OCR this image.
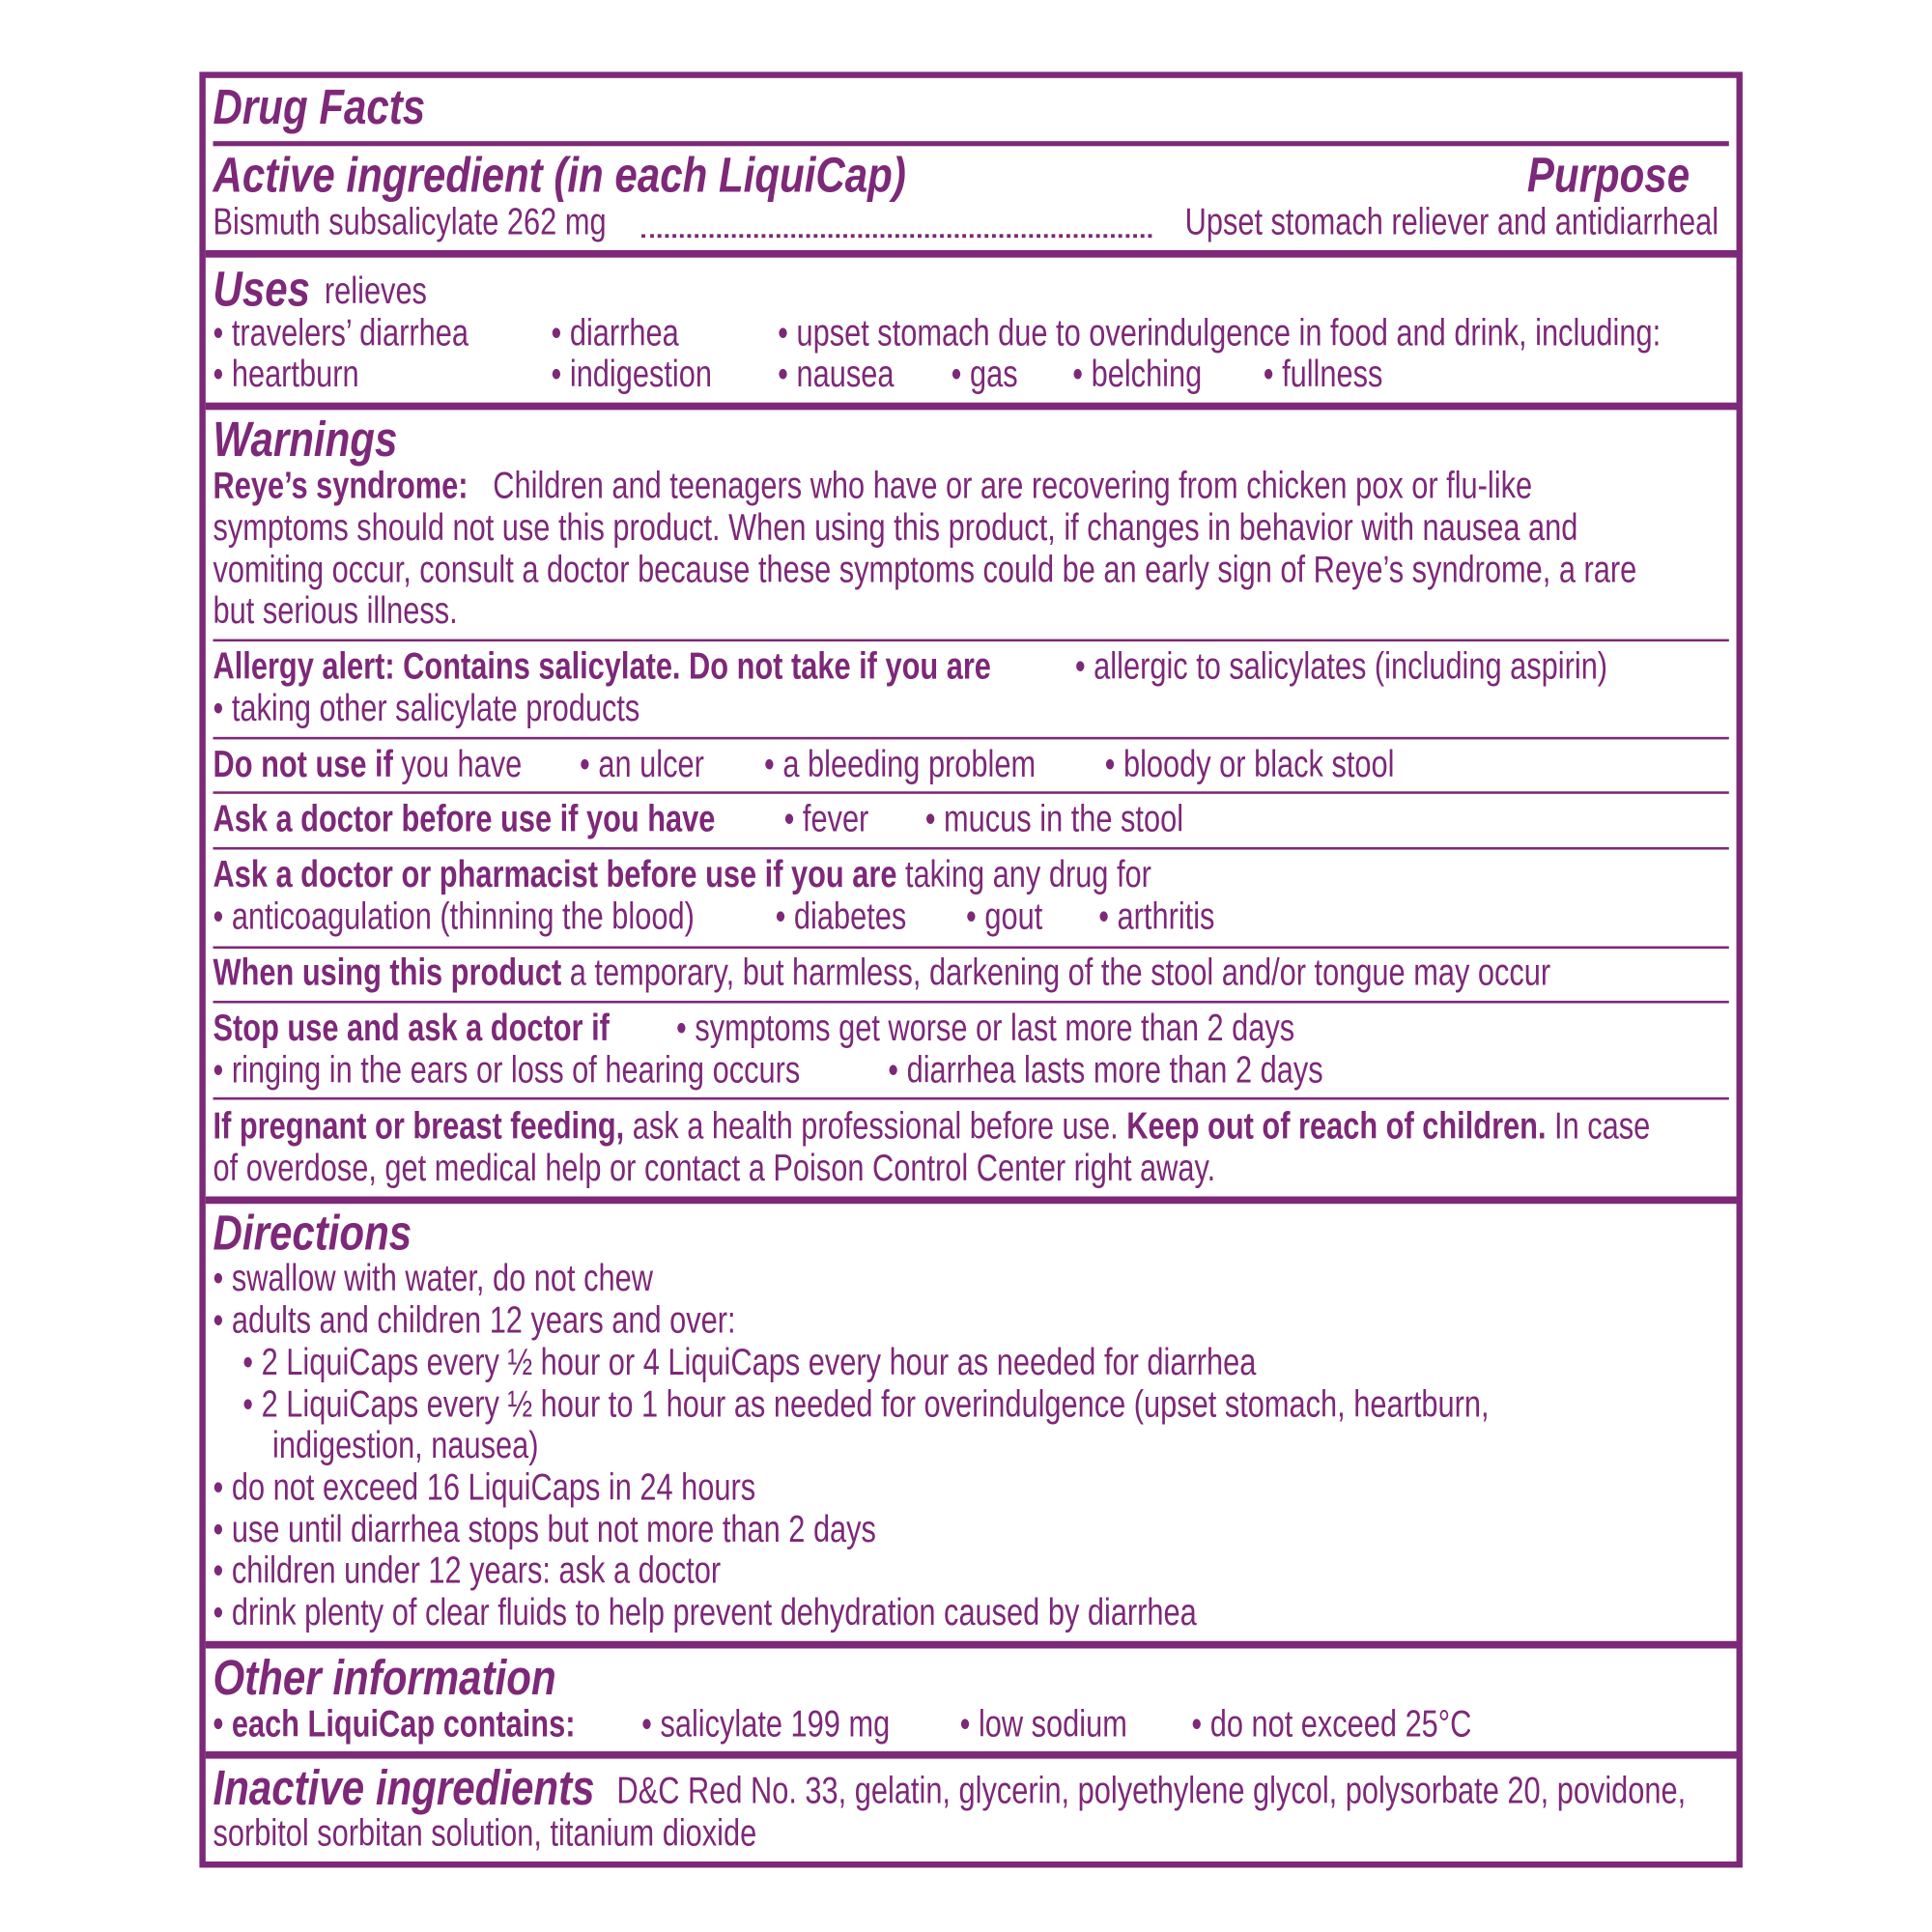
Drug Facts
Active ingredient (in each LiquiCap)	Purpose
Bismuth subsalicylate 262 mg	Upset stomach reliever and antidiarrheal
Uses relieves
• travelers’ diarrhea	• diarrhea	• upset stomach due to overindulgence in food and drink, including:
• heartburn	• indigestion • nausea • gas • belching • fullness
Warnings
Reye’s syndrome: Children and teenagers who have or are recovering from chicken pox or flu-like
symptoms should not use this product. When using this product, if changes in behavior with nausea and
vomiting occur, consult a doctor because these symptoms could be an early sign of Reye’s syndrome, a rare
but serious illness.
Allergy alert: Contains salicylate. Do not take if you are	• allergic to salicylates (including aspirin)
• taking other salicylate products
Do not use if you have • an ulcer • a bleeding problem • bloody or black stool
Ask a doctor before use if you have • fever • mucus in the stool
Ask a doctor or pharmacist before use if you are taking any drug for
• anticoagulation (thinning the blood)	• diabetes • gout • arthritis
When using this product a temporary, but harmless, darkening of the stool and/or tongue may occur
Stop use and ask a doctor if • symptoms get worse or last more than 2 days
• ringing in the ears or loss of hearing occurs	• diarrhea lasts more than 2 days
If pregnant or breast feeding, ask a health professional before use. Keep out of reach of children. In case
of overdose, get medical help or contact a Poison Control Center right away.
Directions
• swallow with water, do not chew
• adults and children 12 years and over:
• 2 LiquiCaps every ½ hour or 4 LiquiCaps every hour as needed for diarrhea
• 2 LiquiCaps every ½ hour to 1 hour as needed for overindulgence (upset stomach, heartburn,
indigestion, nausea)
• do not exceed 16 LiquiCaps in 24 hours
• use until diarrhea stops but not more than 2 days
• children under 12 years: ask a doctor
• drink plenty of clear fluids to help prevent dehydration caused by diarrhea
Other information
• each LiquiCap contains: • salicylate 199 mg • low sodium • do not exceed 25°C
Inactive ingredients D&C Red No. 33, gelatin, glycerin, polyethylene glycol, polysorbate 20, povidone,
sorbitol sorbitan solution, titanium dioxide
